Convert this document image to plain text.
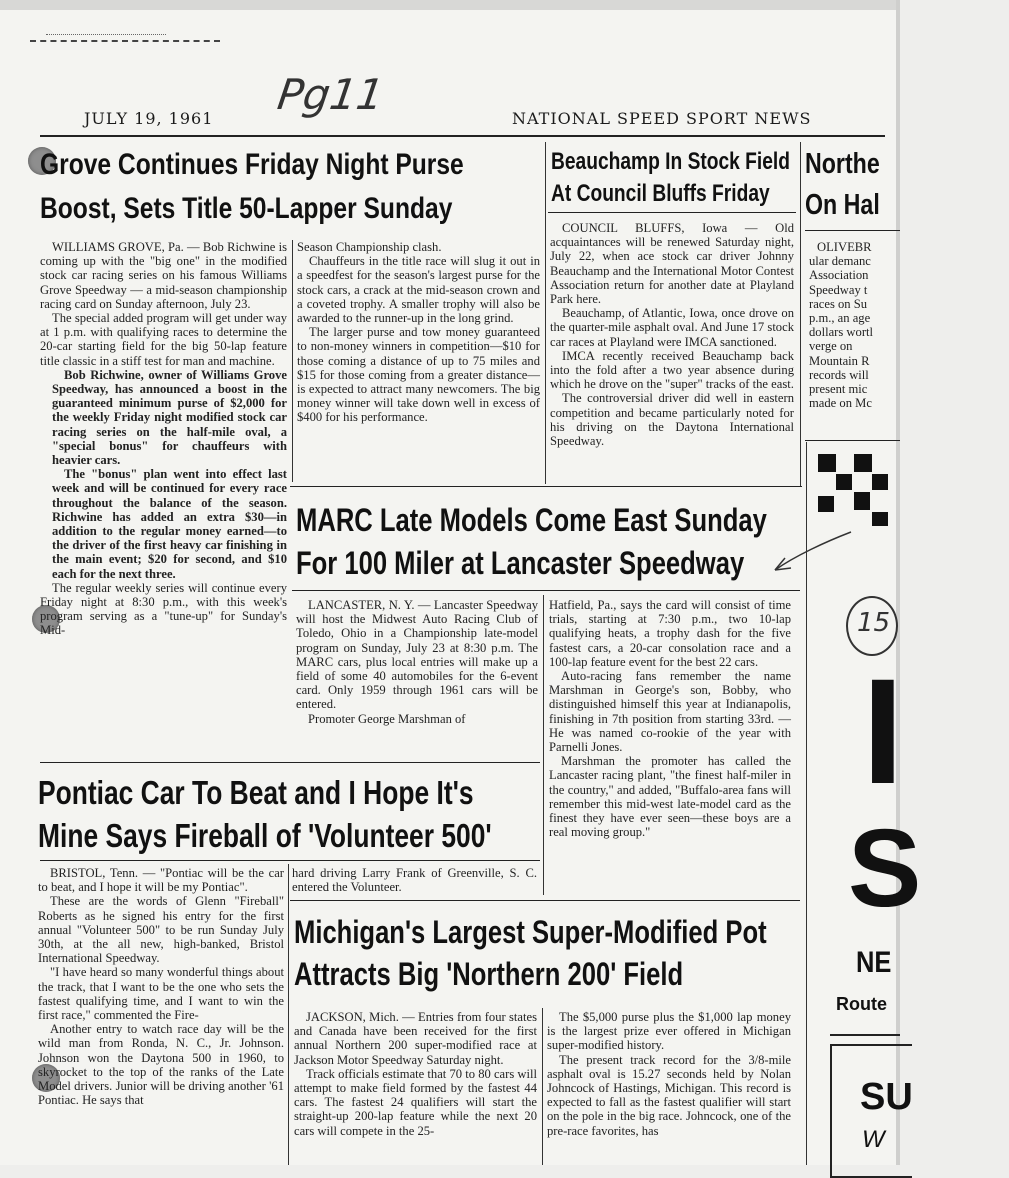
JULY 19, 1961	NATIONAL SPEED SPORT NEWS
Pg11
Grove Continues Friday Night Purse
Boost, Sets Title 50-Lapper Sunday

WILLIAMS GROVE, Pa. — Bob Richwine is coming up with the "big one" in the modified stock car racing series on his famous Williams Grove Speedway — a mid-season championship racing card on Sunday afternoon, July 23.

The special added program will get under way at 1 p.m. with qualifying races to determine the 20-car starting field for the big 50-lap feature title classic in a stiff test for man and machine.

Bob Richwine, owner of Williams Grove Speedway, has announced a boost in the guaranteed minimum purse of $2,000 for the weekly Friday night modified stock car racing series on the half-mile oval, a "special bonus" for chauffeurs with heavier cars.

The "bonus" plan went into effect last week and will be continued for every race throughout the balance of the season. Richwine has added an extra $30—in addition to the regular money earned—to the driver of the first heavy car finishing in the main event; $20 for second, and $10 each for the next three.

The regular weekly series will continue every Friday night at 8:30 p.m., with this week's program serving as a "tune-up" for Sunday's Mid-

Season Championship clash.

Chauffeurs in the title race will slug it out in a speedfest for the season's largest purse for the stock cars, a crack at the mid-season crown and a coveted trophy. A smaller trophy will also be awarded to the runner-up in the long grind.

The larger purse and tow money guaranteed to non-money winners in competition—$10 for those coming a distance of up to 75 miles and $15 for those coming from a greater distance—is expected to attract many newcomers. The big money winner will take down well in excess of $400 for his performance.

Beauchamp In Stock Field
At Council Bluffs Friday

COUNCIL BLUFFS, Iowa — Old acquaintances will be renewed Saturday night, July 22, when ace stock car driver Johnny Beauchamp and the International Motor Contest Association return for another date at Playland Park here.

Beauchamp, of Atlantic, Iowa, once drove on the quarter-mile asphalt oval. And June 17 stock car races at Playland were IMCA sanctioned.

IMCA recently received Beauchamp back into the fold after a two year absence during which he drove on the "super" tracks of the east.

The controversial driver did well in eastern competition and became particularly noted for his driving on the Daytona International Speedway.

Northe
On Hal
OLIVEBR
ular demanc
Association
Speedway t
races on Su
p.m., an age
dollars wortl
verge on
Mountain R
records will
present mic
made on Mc
15
I
S
NE
Route
SU
W
MARC Late Models Come East Sunday
For 100 Miler at Lancaster Speedway

LANCASTER, N. Y. — Lancaster Speedway will host the Midwest Auto Racing Club of Toledo, Ohio in a Championship late-model program on Sunday, July 23 at 8:30 p.m. The MARC cars, plus local entries will make up a field of some 40 automobiles for the 6-event card. Only 1959 through 1961 cars will be entered.

Promoter George Marshman of

Hatfield, Pa., says the card will consist of time trials, starting at 7:30 p.m., two 10-lap qualifying heats, a trophy dash for the five fastest cars, a 20-car consolation race and a 100-lap feature event for the best 22 cars.

Auto-racing fans remember the name Marshman in George's son, Bobby, who distinguished himself this year at Indianapolis, finishing in 7th position from starting 33rd. —He was named co-rookie of the year with Parnelli Jones.

Marshman the promoter has called the Lancaster racing plant, "the finest half-miler in the country," and added, "Buffalo-area fans will remember this mid-west late-model card as the finest they have ever seen—these boys are a real moving group."

Pontiac Car To Beat and I Hope It's
Mine Says Fireball of 'Volunteer 500'

BRISTOL, Tenn. — "Pontiac will be the car to beat, and I hope it will be my Pontiac".

These are the words of Glenn "Fireball" Roberts as he signed his entry for the first annual "Volunteer 500" to be run Sunday July 30th, at the all new, high-banked, Bristol International Speedway.

"I have heard so many wonderful things about the track, that I want to be the one who sets the fastest qualifying time, and I want to win the first race," commented the Fire-

Another entry to watch race day will be the wild man from Ronda, N. C., Jr. Johnson. Johnson won the Daytona 500 in 1960, to skyrocket to the top of the ranks of the Late Model drivers. Junior will be driving another '61 Pontiac. He says that

hard driving Larry Frank of Greenville, S. C. entered the Volunteer.

Michigan's Largest Super-Modified Pot
Attracts Big 'Northern 200' Field

JACKSON, Mich. — Entries from four states and Canada have been received for the first annual Northern 200 super-modified race at Jackson Motor Speedway Saturday night.

Track officials estimate that 70 to 80 cars will attempt to make field formed by the fastest 44 cars. The fastest 24 qualifiers will start the straight-up 200-lap feature while the next 20 cars will compete in the 25-

The $5,000 purse plus the $1,000 lap money is the largest prize ever offered in Michigan super-modified history.

The present track record for the 3/8-mile asphalt oval is 15.27 seconds held by Nolan Johncock of Hastings, Michigan. This record is expected to fall as the fastest qualifier will start on the pole in the big race. Johncock, one of the pre-race favorites, has
